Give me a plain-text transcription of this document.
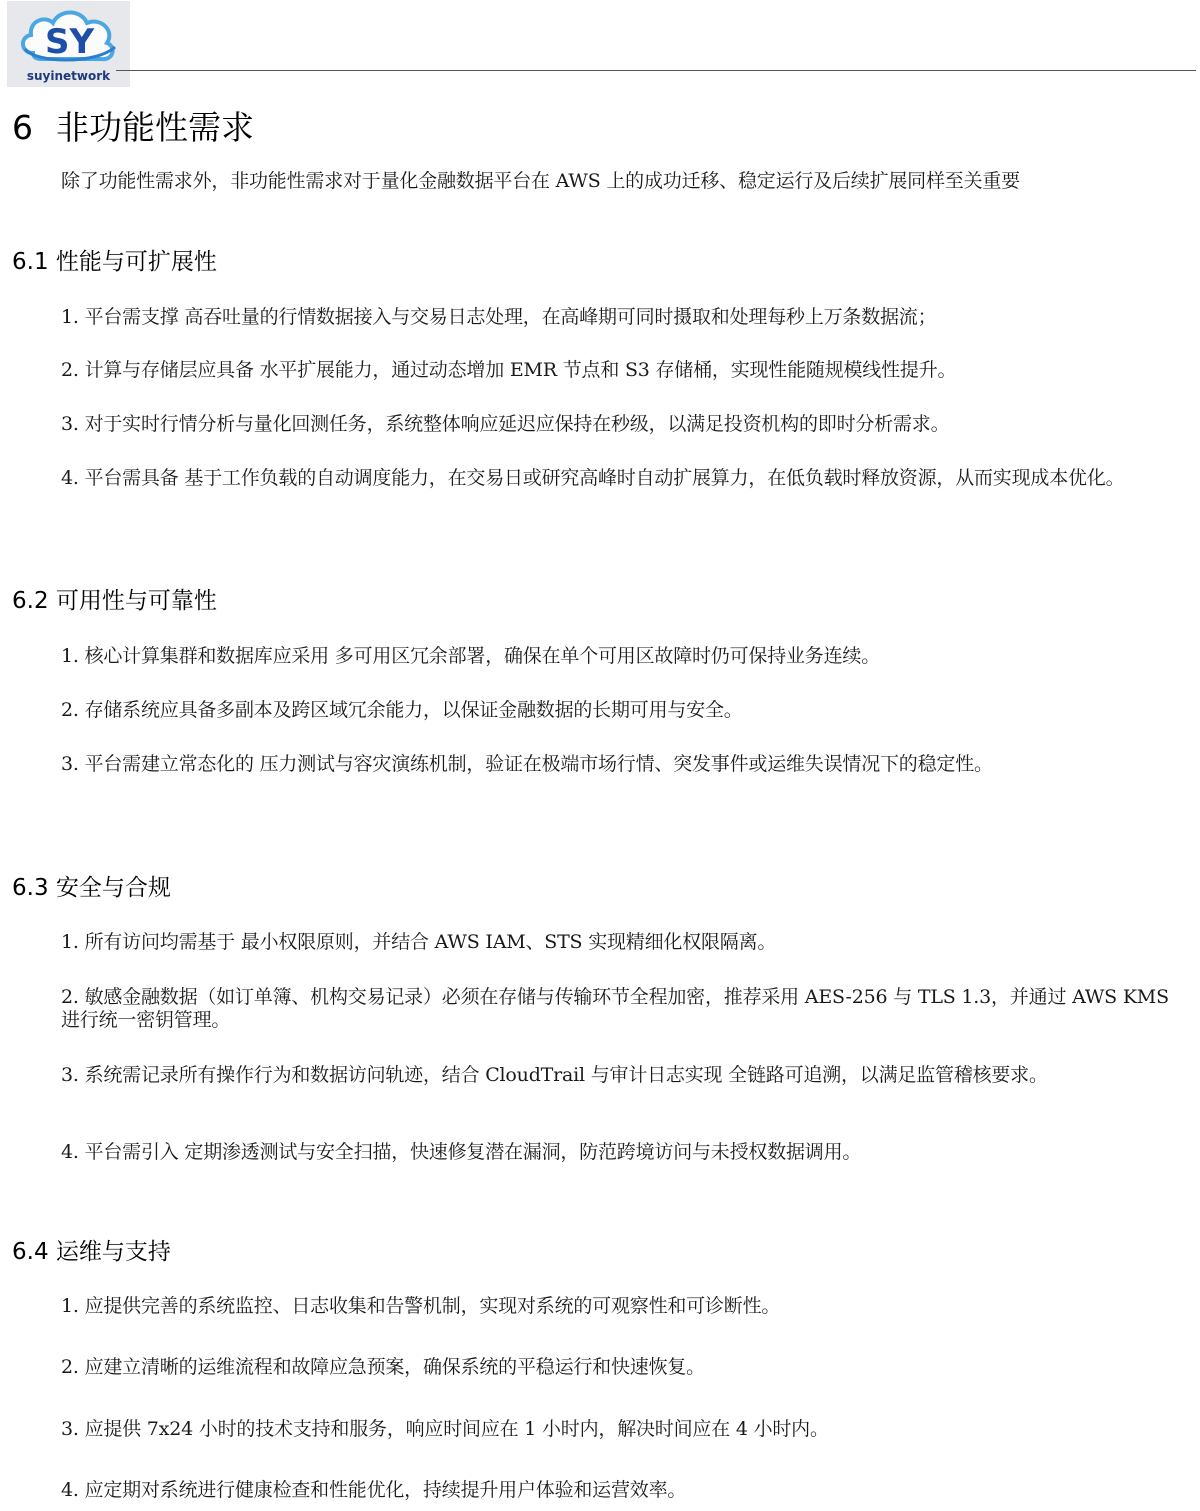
SY
suyinetwork
6 非功能性需求
除了功能性需求外，非功能性需求对于量化金融数据平台在 AWS 上的成功迁移、稳定运行及后续扩展同样至关重要
6.1 性能与可扩展性
1. 平台需支撑 高吞吐量的行情数据接入与交易日志处理，在高峰期可同时摄取和处理每秒上万条数据流；
2. 计算与存储层应具备 水平扩展能力，通过动态增加 EMR 节点和 S3 存储桶，实现性能随规模线性提升。
3. 对于实时行情分析与量化回测任务，系统整体响应延迟应保持在秒级，以满足投资机构的即时分析需求。
4. 平台需具备 基于工作负载的自动调度能力，在交易日或研究高峰时自动扩展算力，在低负载时释放资源，从而实现成本优化。
6.2 可用性与可靠性
1. 核心计算集群和数据库应采用 多可用区冗余部署，确保在单个可用区故障时仍可保持业务连续。
2. 存储系统应具备多副本及跨区域冗余能力，以保证金融数据的长期可用与安全。
3. 平台需建立常态化的 压力测试与容灾演练机制，验证在极端市场行情、突发事件或运维失误情况下的稳定性。
6.3 安全与合规
1. 所有访问均需基于 最小权限原则，并结合 AWS IAM、STS 实现精细化权限隔离。
2. 敏感金融数据（如订单簿、机构交易记录）必须在存储与传输环节全程加密，推荐采用 AES-256 与 TLS 1.3，并通过 AWS KMS 进行统一密钥管理。
3. 系统需记录所有操作行为和数据访问轨迹，结合 CloudTrail 与审计日志实现 全链路可追溯，以满足监管稽核要求。
4. 平台需引入 定期渗透测试与安全扫描，快速修复潜在漏洞，防范跨境访问与未授权数据调用。
6.4 运维与支持
1. 应提供完善的系统监控、日志收集和告警机制，实现对系统的可观察性和可诊断性。
2. 应建立清晰的运维流程和故障应急预案，确保系统的平稳运行和快速恢复。
3. 应提供 7x24 小时的技术支持和服务，响应时间应在 1 小时内，解决时间应在 4 小时内。
4. 应定期对系统进行健康检查和性能优化，持续提升用户体验和运营效率。
